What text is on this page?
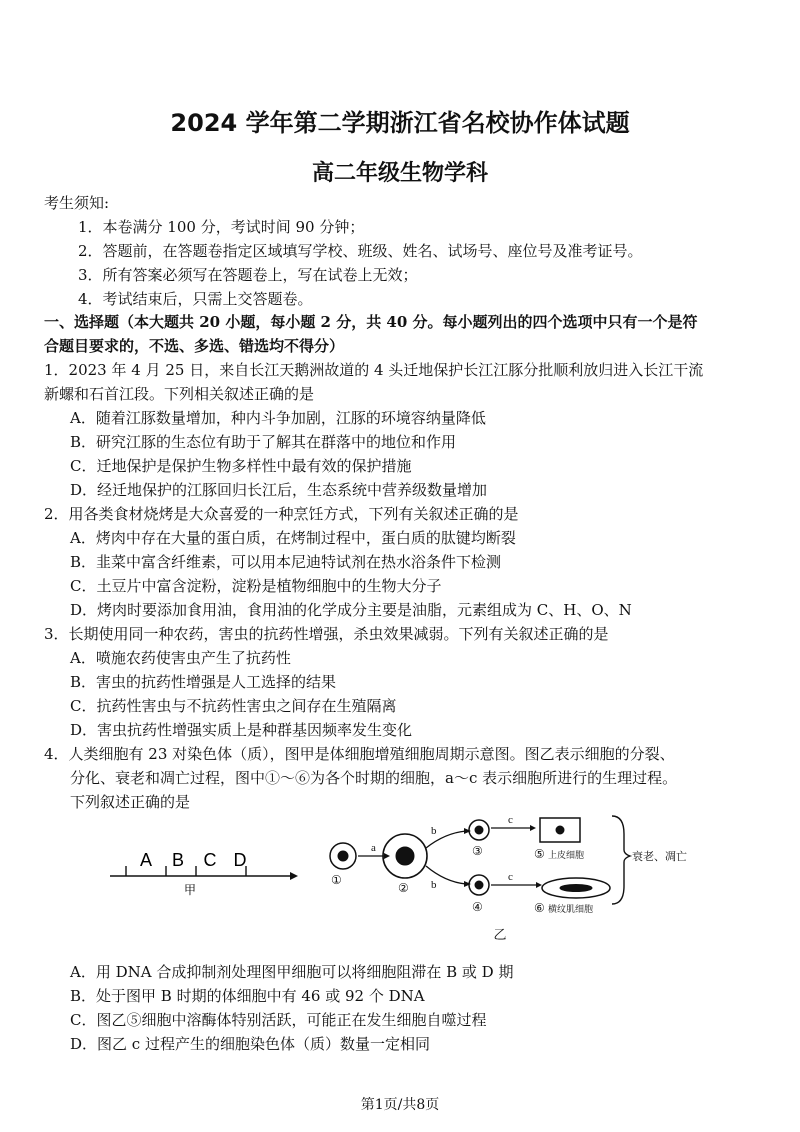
2024 学年第二学期浙江省名校协作体试题
高二年级生物学科
考生须知:
1．本卷满分 100 分，考试时间 90 分钟；
2．答题前，在答题卷指定区域填写学校、班级、姓名、试场号、座位号及准考证号。
3．所有答案必须写在答题卷上，写在试卷上无效；
4．考试结束后，只需上交答题卷。
一、选择题（本大题共 20 小题，每小题 2 分，共 40 分。每小题列出的四个选项中只有一个是符
合题目要求的，不选、多选、错选均不得分）
1．2023 年 4 月 25 日，来自长江天鹅洲故道的 4 头迁地保护长江江豚分批顺利放归进入长江干流
新螺和石首江段。下列相关叙述正确的是
A．随着江豚数量增加，种内斗争加剧，江豚的环境容纳量降低
B．研究江豚的生态位有助于了解其在群落中的地位和作用
C．迁地保护是保护生物多样性中最有效的保护措施
D．经迁地保护的江豚回归长江后，生态系统中营养级数量增加
2．用各类食材烧烤是大众喜爱的一种烹饪方式，下列有关叙述正确的是
A．烤肉中存在大量的蛋白质，在烤制过程中，蛋白质的肽键均断裂
B．韭菜中富含纤维素，可以用本尼迪特试剂在热水浴条件下检测
C．土豆片中富含淀粉，淀粉是植物细胞中的生物大分子
D．烤肉时要添加食用油，食用油的化学成分主要是油脂，元素组成为 C、H、O、N
3．长期使用同一种农药，害虫的抗药性增强，杀虫效果减弱。下列有关叙述正确的是
A．喷施农药使害虫产生了抗药性
B．害虫的抗药性增强是人工选择的结果
C．抗药性害虫与不抗药性害虫之间存在生殖隔离
D．害虫抗药性增强实质上是种群基因频率发生变化
4．人类细胞有 23 对染色体（质），图甲是体细胞增殖细胞周期示意图。图乙表示细胞的分裂、
分化、衰老和凋亡过程，图中①～⑥为各个时期的细胞，a～c 表示细胞所进行的生理过程。
下列叙述正确的是
A B C D
甲
a
b
b
c
c
①
②
③
④
⑤
⑥
上皮细胞
横纹肌细胞
衰老、凋亡
乙
A．用 DNA 合成抑制剂处理图甲细胞可以将细胞阻滞在 B 或 D 期
B．处于图甲 B 时期的体细胞中有 46 或 92 个 DNA
C．图乙⑤细胞中溶酶体特别活跃，可能正在发生细胞自噬过程
D．图乙 c 过程产生的细胞染色体（质）数量一定相同
第1页/共8页
